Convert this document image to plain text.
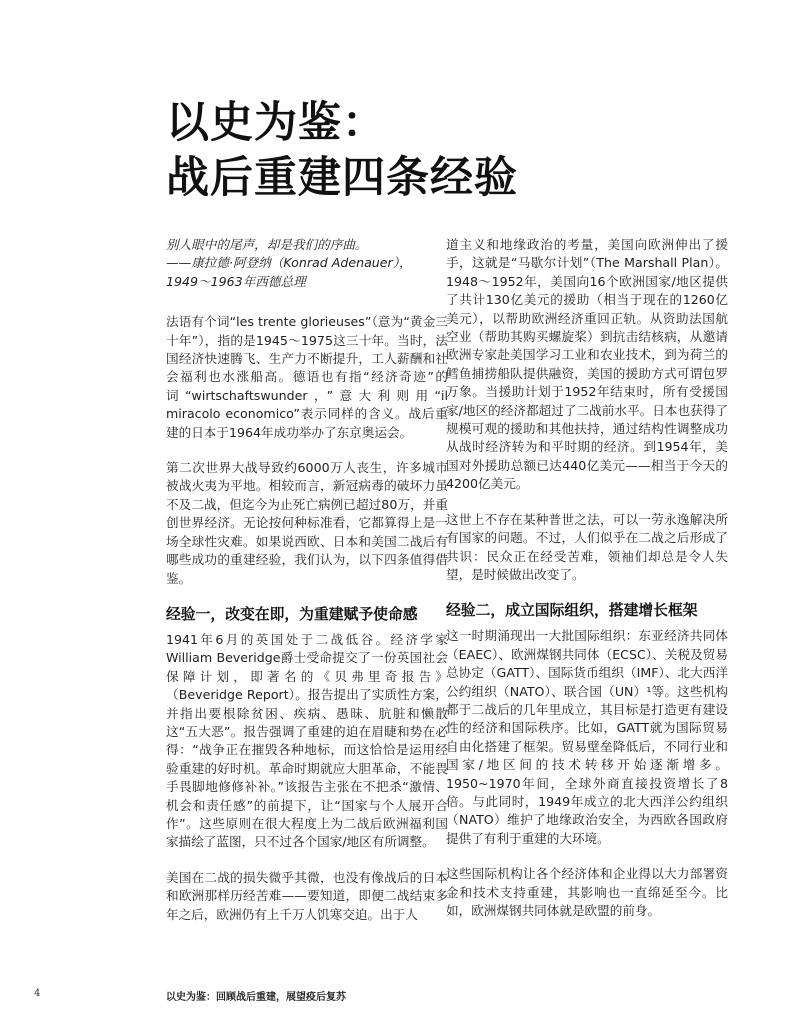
以史为鉴：
战后重建四条经验

别人眼中的尾声，却是我们的序曲。
——康拉德·阿登纳（Konrad Adenauer），
1949～1963年西德总理

法语有个词“les trente glorieuses”（意为“黄金三十年”），指的是1945～1975这三十年。当时，法国经济快速腾飞、生产力不断提升，工人薪酬和社会福利也水涨船高。德语也有指“经济奇迹”的词“wirtschaftswunder，”意大利则用“il miracolo economico”表示同样的含义。战后重建的日本于1964年成功举办了东京奥运会。

第二次世界大战导致约6000万人丧生，许多城市被战火夷为平地。相较而言，新冠病毒的破坏力虽不及二战，但迄今为止死亡病例已超过80万，并重创世界经济。无论按何种标准看，它都算得上是一场全球性灾难。如果说西欧、日本和美国二战后有哪些成功的重建经验，我们认为，以下四条值得借鉴。

经验一，改变在即，为重建赋予使命感

1941年6月的英国处于二战低谷。经济学家William Beveridge爵士受命提交了一份英国社会保障计划，即著名的《贝弗里奇报告》（Beveridge Report）。报告提出了实质性方案，并指出要根除贫困、疾病、愚昧、肮脏和懒散这“五大恶”。报告强调了重建的迫在眉睫和势在必得：“战争正在摧毁各种地标，而这恰恰是运用经验重建的好时机。革命时期就应大胆革命，不能畏手畏脚地修修补补。”该报告主张在不把杀“激情、机会和责任感”的前提下，让“国家与个人展开合作”。这些原则在很大程度上为二战后欧洲福利国家描绘了蓝图，只不过各个国家/地区有所调整。

美国在二战的损失微乎其微，也没有像战后的日本和欧洲那样历经苦难——要知道，即便二战结束多年之后，欧洲仍有上千万人饥寒交迫。出于人

道主义和地缘政治的考量，美国向欧洲伸出了援手，这就是“马歇尔计划”（The Marshall Plan）。1948～1952年，美国向16个欧洲国家/地区提供了共计130亿美元的援助（相当于现在的1260亿美元），以帮助欧洲经济重回正轨。从资助法国航空业（帮助其购买螺旋桨）到抗击结核病，从邀请欧洲专家赴美国学习工业和农业技术，到为荷兰的鳕鱼捕捞船队提供融资，美国的援助方式可谓包罗万象。当援助计划于1952年结束时，所有受援国家/地区的经济都超过了二战前水平。日本也获得了规模可观的援助和其他扶持，通过结构性调整成功从战时经济转为和平时期的经济。到1954年，美国对外援助总额已达440亿美元——相当于今天的4200亿美元。

这世上不存在某种普世之法，可以一劳永逸解决所有国家的问题。不过，人们似乎在二战之后形成了共识：民众正在经受苦难，领袖们却总是令人失望，是时候做出改变了。

经验二，成立国际组织，搭建增长框架

这一时期涌现出一大批国际组织：东亚经济共同体（EAEC）、欧洲煤钢共同体（ECSC）、关税及贸易总协定（GATT）、国际货币组织（IMF）、北大西洋公约组织（NATO）、联合国（UN）¹等。这些机构都于二战后的几年里成立，其目标是打造更有建设性的经济和国际秩序。比如，GATT就为国际贸易自由化搭建了框架。贸易壁垒降低后，不同行业和国家/地区间的技术转移开始逐渐增多。1950~1970年间，全球外商直接投资增长了8倍。与此同时，1949年成立的北大西洋公约组织（NATO）维护了地缘政治安全，为西欧各国政府提供了有利于重建的大环境。

这些国际机构让各个经济体和企业得以大力部署资金和技术支持重建，其影响也一直绵延至今。比如，欧洲煤钢共同体就是欧盟的前身。

4	以史为鉴：回顾战后重建，展望疫后复苏
